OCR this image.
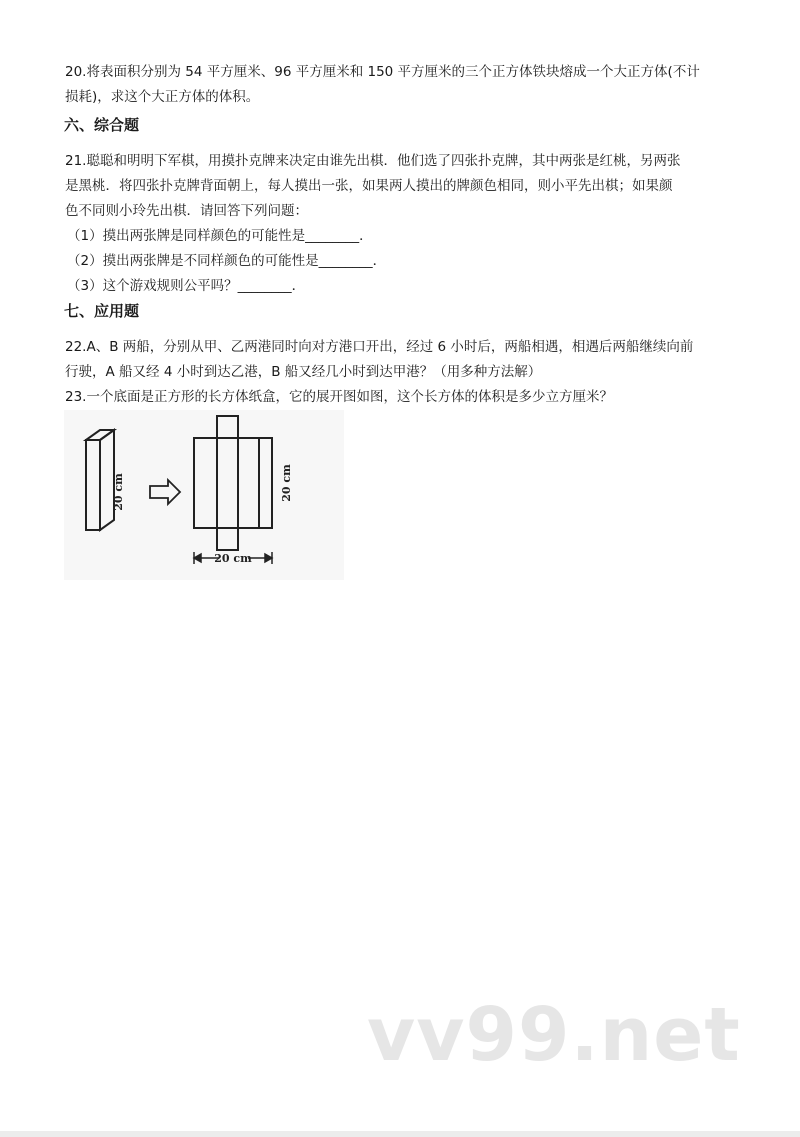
20.将表面积分别为 54 平方厘米、96 平方厘米和 150 平方厘米的三个正方体铁块熔成一个大正方体(不计
损耗)，求这个大正方体的体积。
六、综合题
21.聪聪和明明下军棋，用摸扑克牌来决定由谁先出棋．他们选了四张扑克牌，其中两张是红桃，另两张
是黑桃．将四张扑克牌背面朝上，每人摸出一张，如果两人摸出的牌颜色相同，则小平先出棋；如果颜
色不同则小玲先出棋．请回答下列问题：
（1）摸出两张牌是同样颜色的可能性是________．
（2）摸出两张牌是不同样颜色的可能性是________．
（3）这个游戏规则公平吗？________．
七、应用题
22.A、B 两船，分别从甲、乙两港同时向对方港口开出，经过 6 小时后，两船相遇，相遇后两船继续向前
行驶，A 船又经 4 小时到达乙港，B 船又经几小时到达甲港？（用多种方法解）
23.一个底面是正方形的长方体纸盒，它的展开图如图，这个长方体的体积是多少立方厘米？
20 cm	20 cm
20 cm
vv99.net
